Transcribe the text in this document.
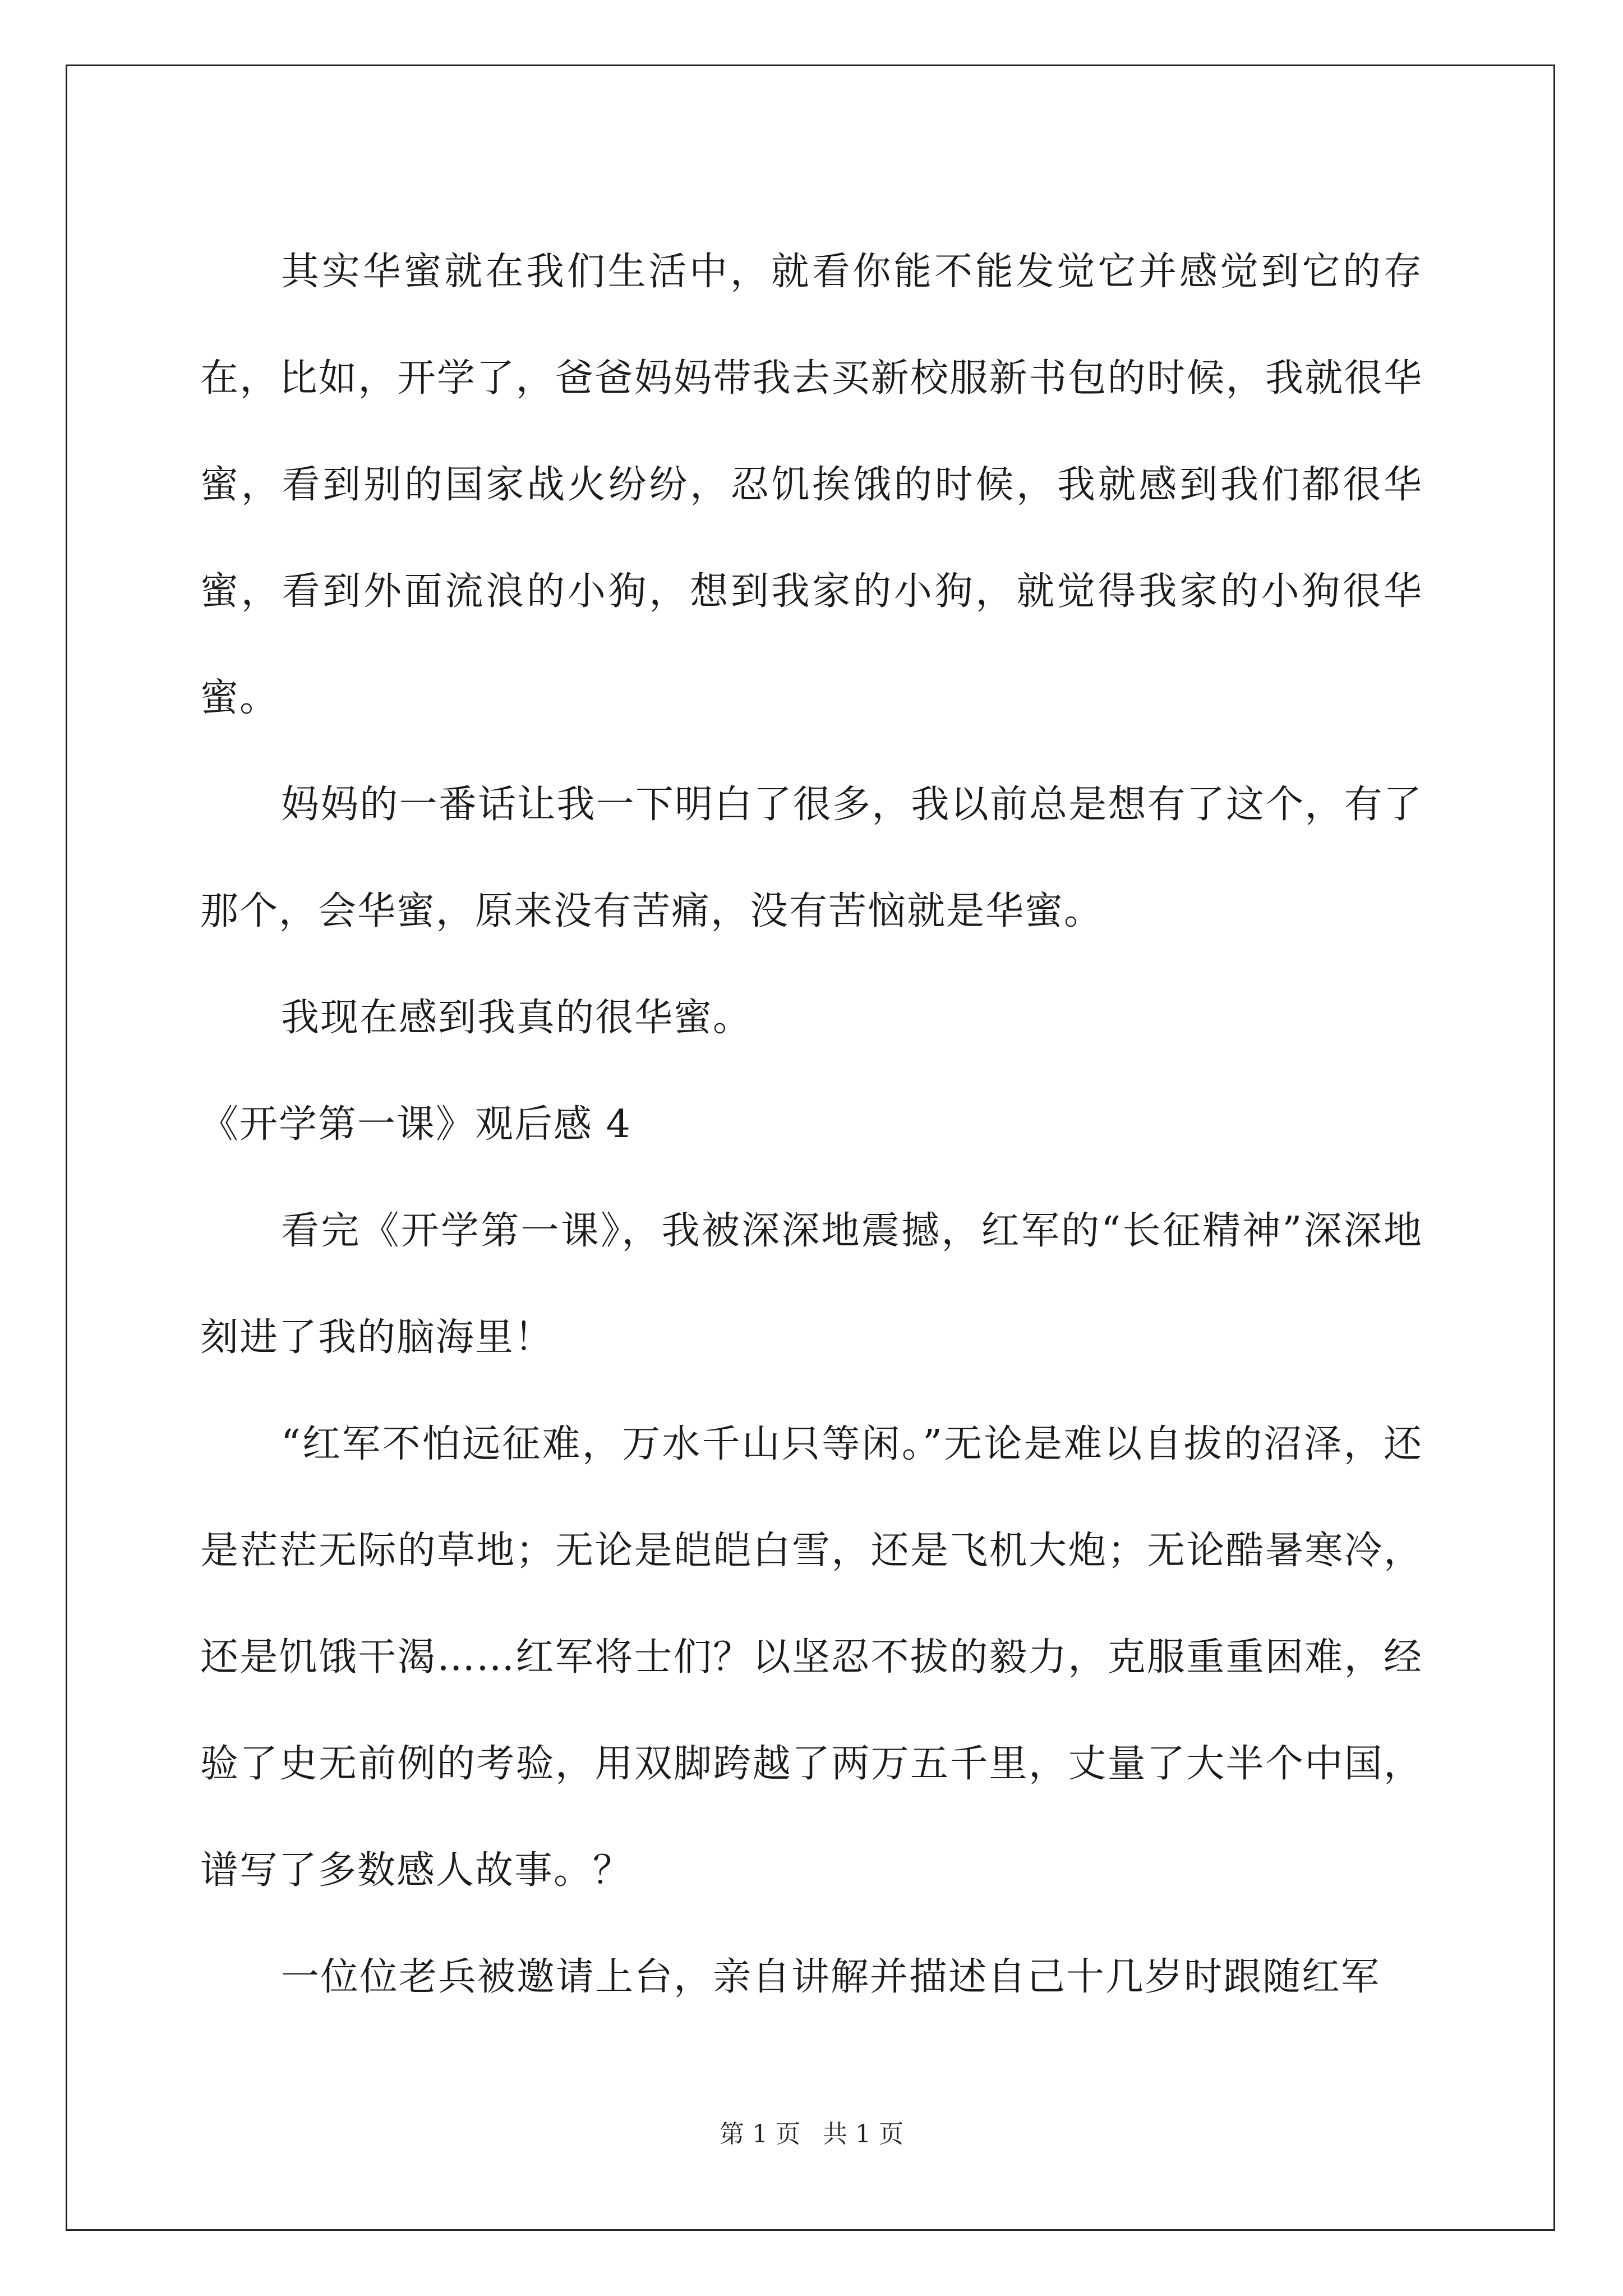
其实华蜜就在我们生活中，就看你能不能发觉它并感觉到它的存在，比如，开学了，爸爸妈妈带我去买新校服新书包的时候，我就很华蜜，看到别的国家战火纷纷，忍饥挨饿的时候，我就感到我们都很华蜜，看到外面流浪的小狗，想到我家的小狗，就觉得我家的小狗很华蜜。

妈妈的一番话让我一下明白了很多，我以前总是想有了这个，有了那个，会华蜜，原来没有苦痛，没有苦恼就是华蜜。

我现在感到我真的很华蜜。

《开学第一课》观后感 4

看完《开学第一课》，我被深深地震撼，红军的“长征精神”深深地刻进了我的脑海里！

“红军不怕远征难，万水千山只等闲。”无论是难以自拔的沼泽，还是茫茫无际的草地；无论是皑皑白雪，还是飞机大炮；无论酷暑寒冷，还是饥饿干渴……红军将士们？以坚忍不拔的毅力，克服重重困难，经验了史无前例的考验，用双脚跨越了两万五千里，丈量了大半个中国，谱写了多数感人故事。？

一位位老兵被邀请上台，亲自讲解并描述自己十几岁时跟随红军

第 1 页 共 1 页
